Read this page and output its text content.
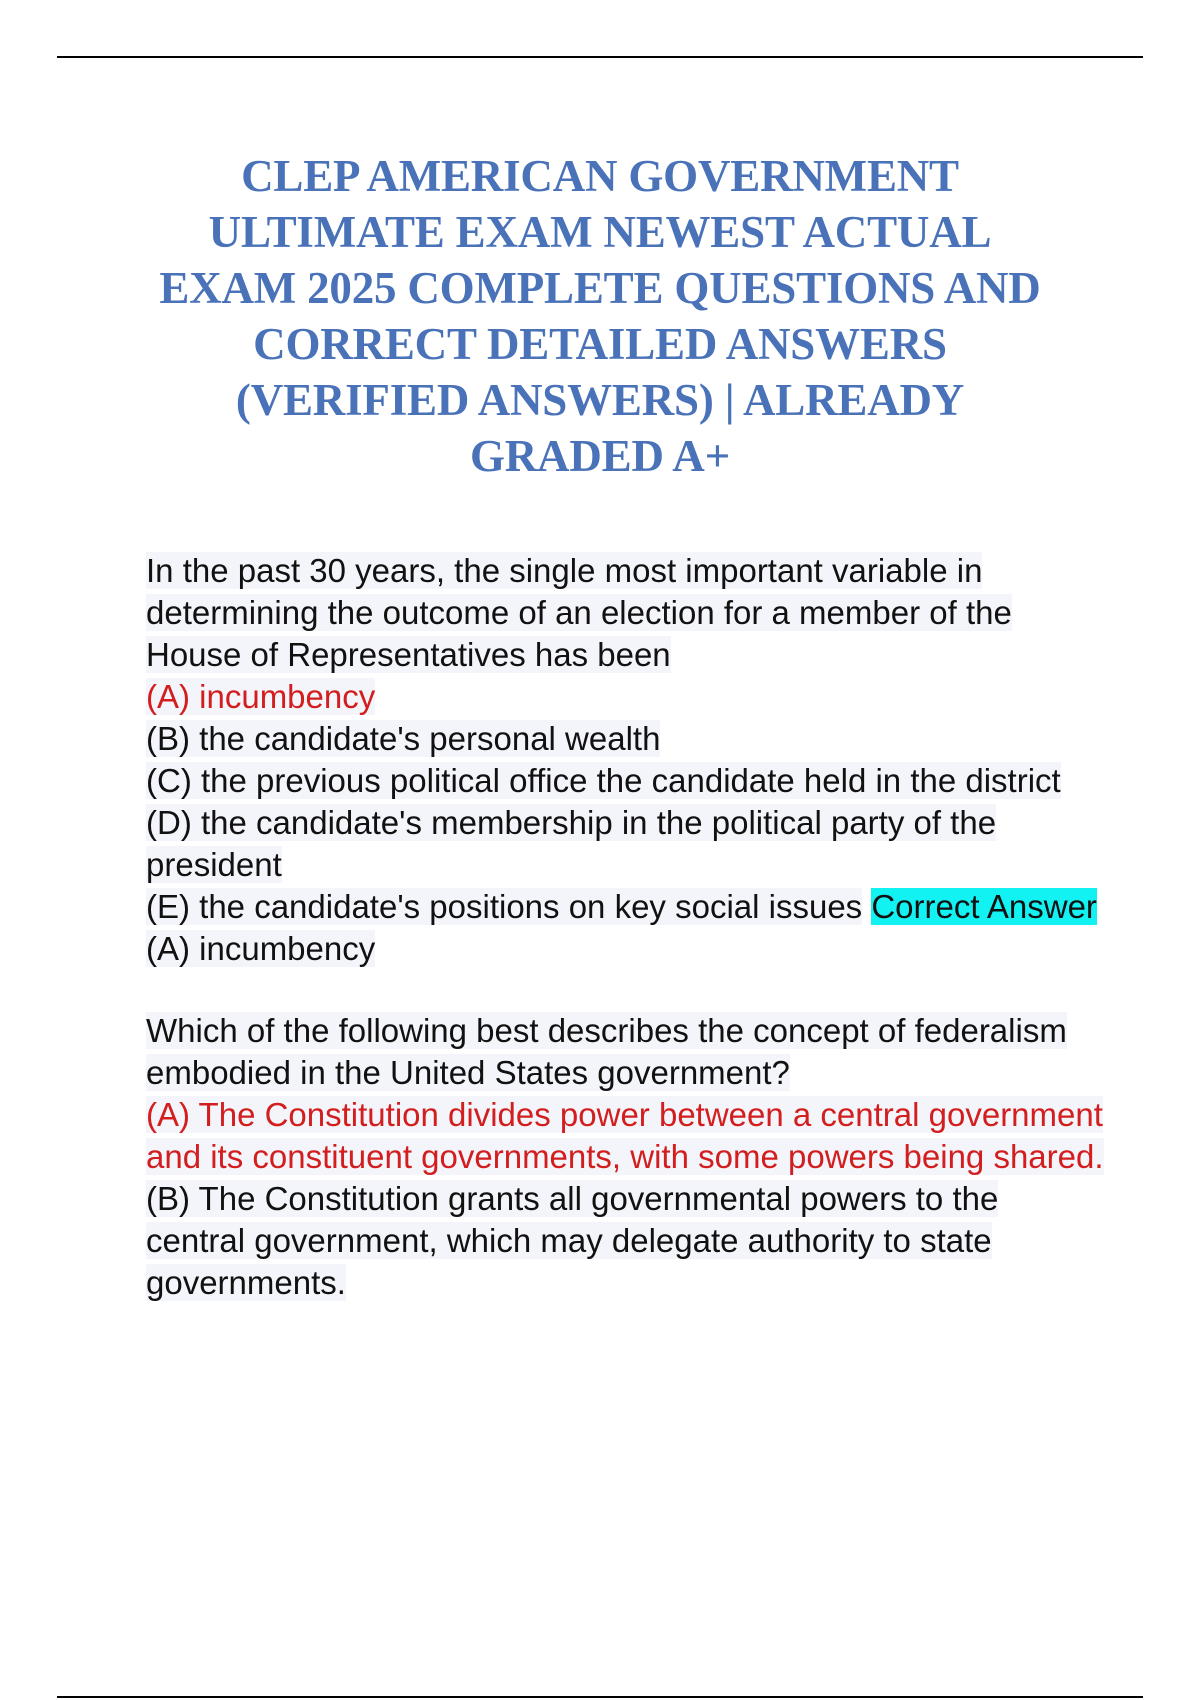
CLEP AMERICAN GOVERNMENT ULTIMATE EXAM NEWEST ACTUAL EXAM 2025 COMPLETE QUESTIONS AND CORRECT DETAILED ANSWERS (VERIFIED ANSWERS) | ALREADY GRADED A+
In the past 30 years, the single most important variable in determining the outcome of an election for a member of the House of Representatives has been
(A) incumbency
(B) the candidate's personal wealth
(C) the previous political office the candidate held in the district
(D) the candidate's membership in the political party of the president
(E) the candidate's positions on key social issues Correct Answer (A) incumbency
Which of the following best describes the concept of federalism embodied in the United States government?
(A) The Constitution divides power between a central government and its constituent governments, with some powers being shared.
(B) The Constitution grants all governmental powers to the central government, which may delegate authority to state governments.
